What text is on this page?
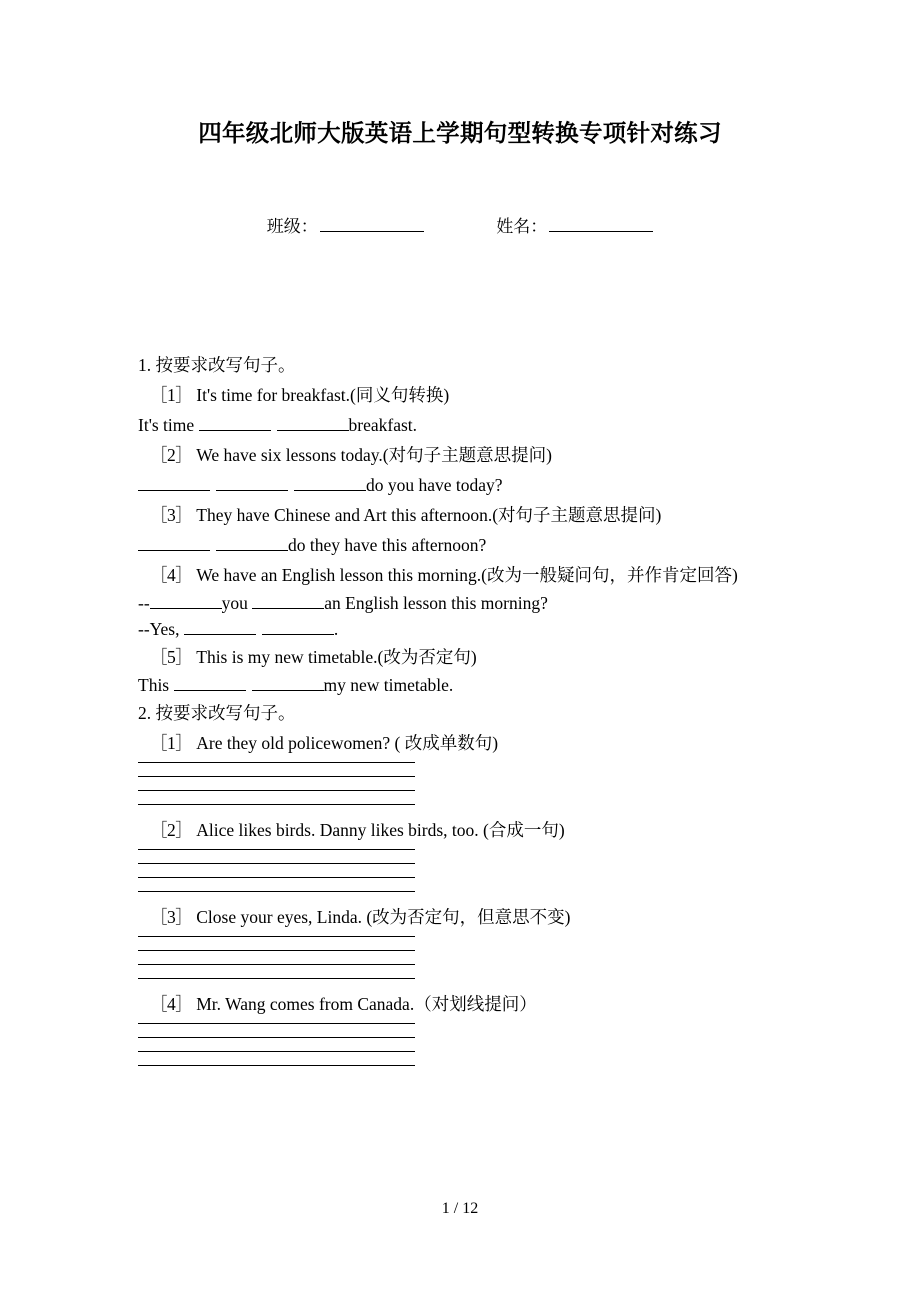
四年级北师大版英语上学期句型转换专项针对练习
班级：	姓名：
1. 按要求改写句子。
［1］ It's time for breakfast.(同义句转换)
It's time	breakfast.
［2］ We have six lessons today.(对句子主题意思提问)
do you have today?
［3］ They have Chinese and Art this afternoon.(对句子主题意思提问)
do they have this afternoon?
［4］ We have an English lesson this morning.(改为一般疑问句，并作肯定回答)
--	you	an English lesson this morning?
--Yes,	.
［5］ This is my new timetable.(改为否定句)
This	my new timetable.
2. 按要求改写句子。
［1］ Are they old policewomen? ( 改成单数句)
［2］ Alice likes birds. Danny likes birds, too. (合成一句)
［3］ Close your eyes, Linda. (改为否定句，但意思不变)
［4］ Mr. Wang comes from Canada.（对划线提问）
1 / 12
